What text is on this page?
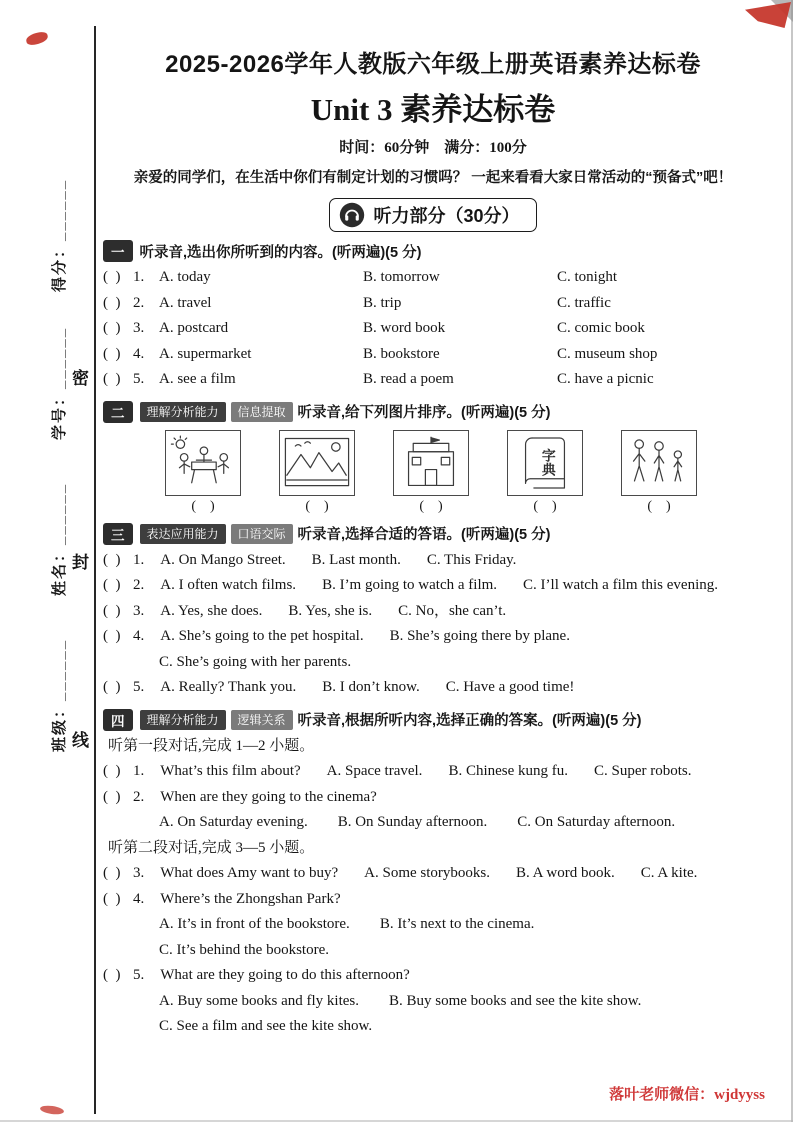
得分：______
学号：______
姓名：______
班级：______
密
封
线
2025-2026学年人教版六年级上册英语素养达标卷
Unit 3 素养达标卷
时间：60分钟　满分：100分
亲爱的同学们，在生活中你们有制定计划的习惯吗？ 一起来看看大家日常活动的“预备式”吧！
听力部分（30分）
一	听录音,选出你所听到的内容。(听两遍)(5 分)
(  ) 1. A. today	B. tomorrow	C. tonight
(  ) 2. A. travel	B. trip	C. traffic
(  ) 3. A. postcard	B. word book	C. comic book
(  ) 4. A. supermarket	B. bookstore	C. museum shop
(  ) 5. A. see a film	B. read a poem	C. have a picnic
二	理解分析能力	信息提取 听录音,给下列图片排序。(听两遍)(5 分)
(    )	(    )	(    )
字典
(    )	(    )
三	表达应用能力	口语交际 听录音,选择合适的答语。(听两遍)(5 分)
(  ) 1. A. On Mango Street. B. Last month. C. This Friday.
(  ) 2. A. I often watch films. B. I’m going to watch a film. C. I’ll watch a film this evening.
(  ) 3. A. Yes, she does. B. Yes, she is. C. No，she can’t.
(  ) 4. A. She’s going to the pet hospital. B. She’s going there by plane.
C. She’s going with her parents.
(  ) 5. A. Really? Thank you. B. I don’t know. C. Have a good time!
四	理解分析能力	逻辑关系 听录音,根据所听内容,选择正确的答案。(听两遍)(5 分)
听第一段对话,完成 1—2 小题。
(  ) 1. What’s this film about? A. Space travel. B. Chinese kung fu. C. Super robots.
(  ) 2. When are they going to the cinema?
A. On Saturday evening. B. On Sunday afternoon. C. On Saturday afternoon.
听第二段对话,完成 3—5 小题。
(  ) 3. What does Amy want to buy? A. Some storybooks. B. A word book. C. A kite.
(  ) 4. Where’s the Zhongshan Park?
A. It’s in front of the bookstore. B. It’s next to the cinema.
C. It’s behind the bookstore.
(  ) 5. What are they going to do this afternoon?
A. Buy some books and fly kites. B. Buy some books and see the kite show.
C. See a film and see the kite show.
落叶老师微信：wjdyyss
